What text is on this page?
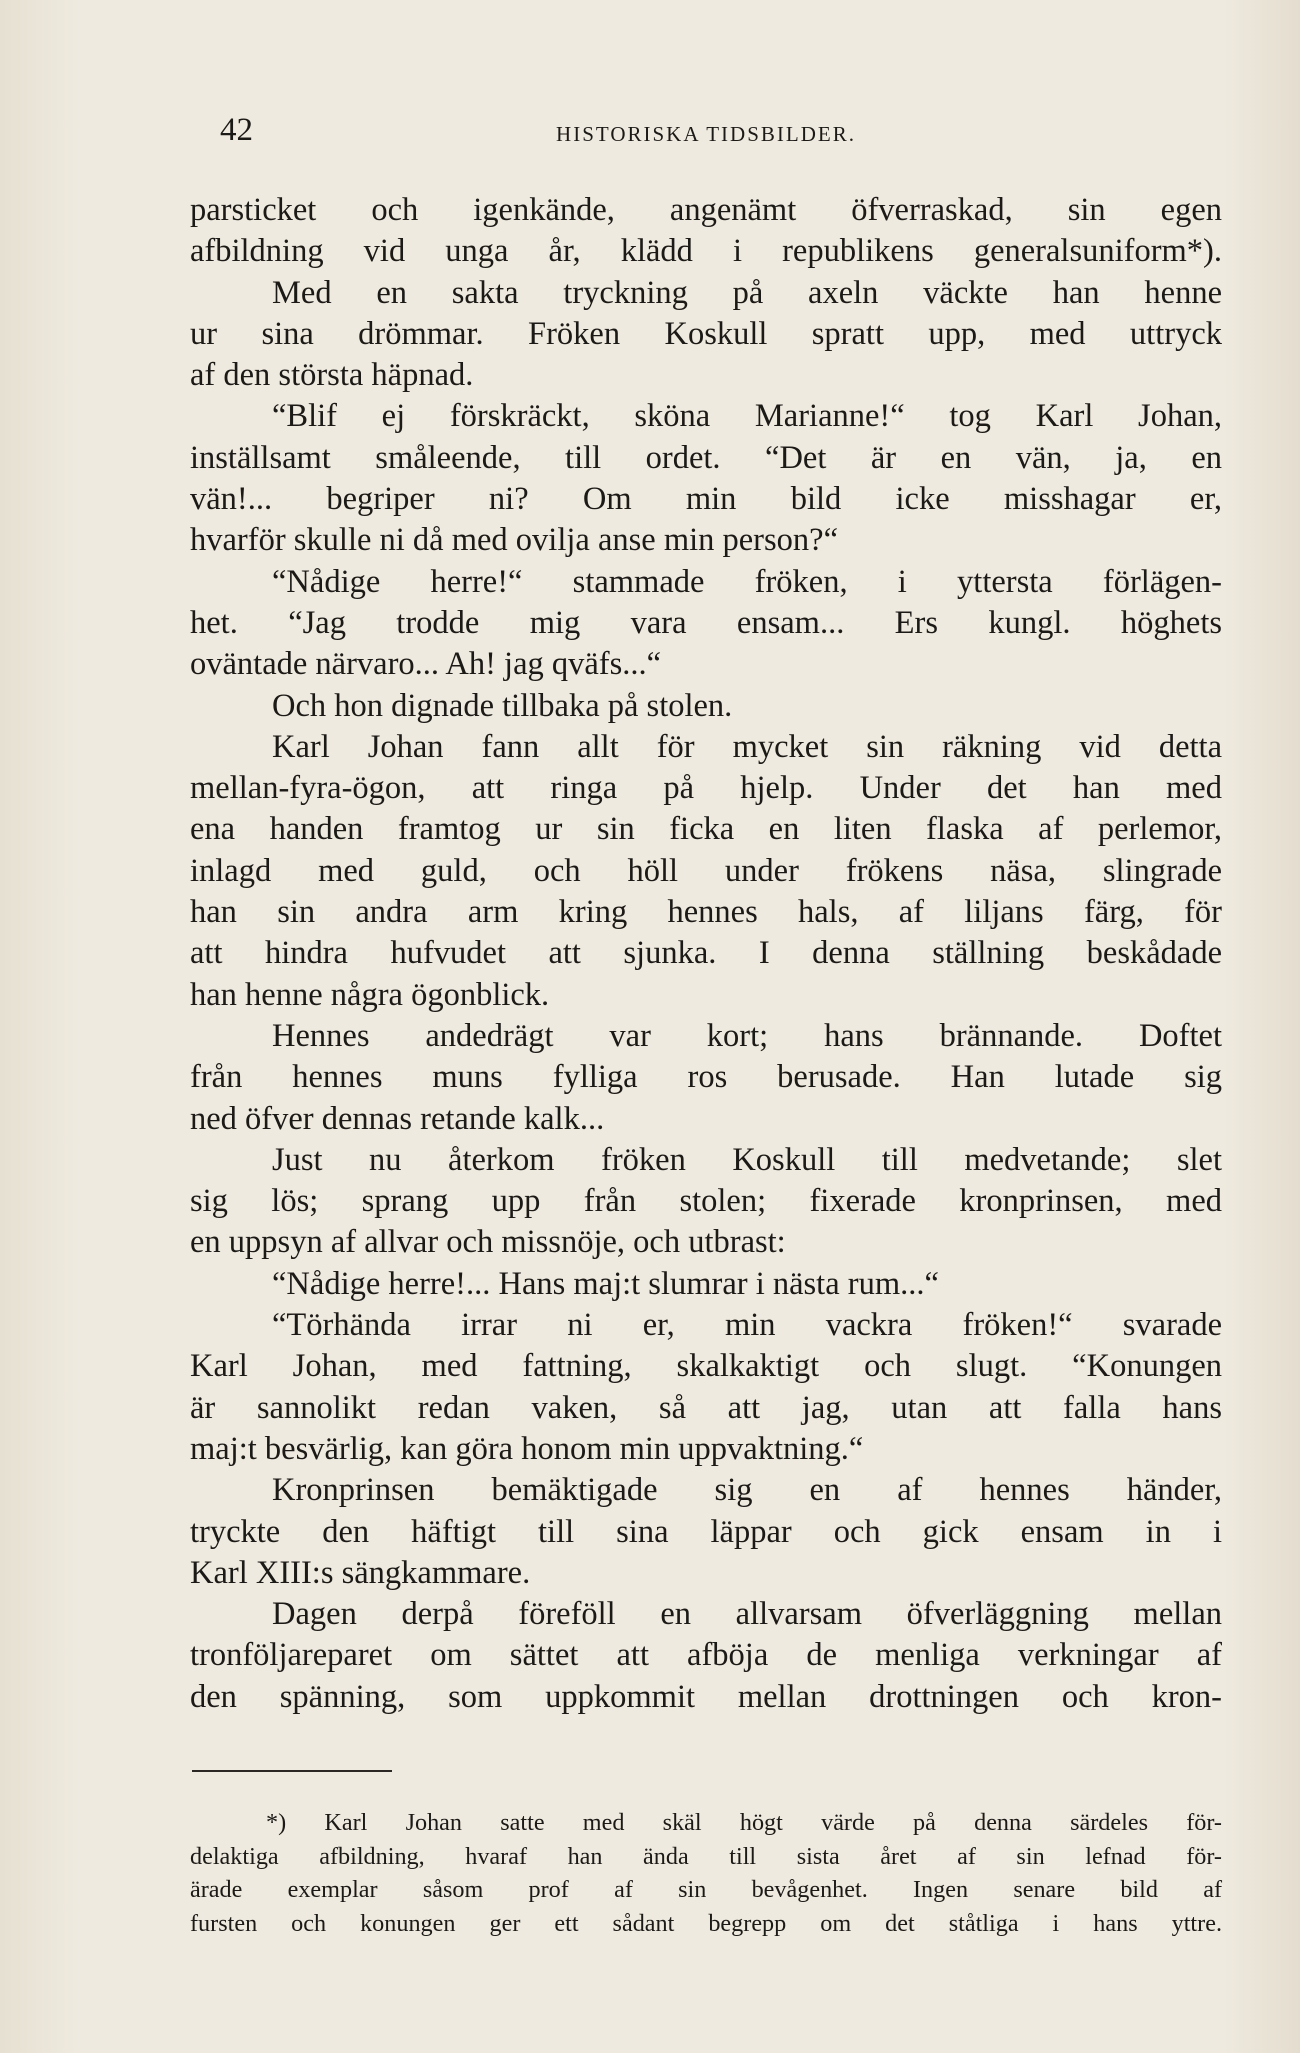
42	HISTORISKA TIDSBILDER.
parsticket och igenkände, angenämt öfverraskad, sin egen
afbildning vid unga år, klädd i republikens generalsuniform*).
Med en sakta tryckning på axeln väckte han henne
ur sina drömmar. Fröken Koskull spratt upp, med uttryck
af den största häpnad.
“Blif ej förskräckt, sköna Marianne!“ tog Karl Johan,
inställsamt småleende, till ordet. “Det är en vän, ja, en
vän!... begriper ni? Om min bild icke misshagar er,
hvarför skulle ni då med ovilja anse min person?“
“Nådige herre!“ stammade fröken, i yttersta förlägen-
het. “Jag trodde mig vara ensam... Ers kungl. höghets
oväntade närvaro... Ah! jag qväfs...“
Och hon dignade tillbaka på stolen.
Karl Johan fann allt för mycket sin räkning vid detta
mellan-fyra-ögon, att ringa på hjelp. Under det han med
ena handen framtog ur sin ficka en liten flaska af perlemor,
inlagd med guld, och höll under frökens näsa, slingrade
han sin andra arm kring hennes hals, af liljans färg, för
att hindra hufvudet att sjunka. I denna ställning beskådade
han henne några ögonblick.
Hennes andedrägt var kort; hans brännande. Doftet
från hennes muns fylliga ros berusade. Han lutade sig
ned öfver dennas retande kalk...
Just nu återkom fröken Koskull till medvetande; slet
sig lös; sprang upp från stolen; fixerade kronprinsen, med
en uppsyn af allvar och missnöje, och utbrast:
“Nådige herre!... Hans maj:t slumrar i nästa rum...“
“Törhända irrar ni er, min vackra fröken!“ svarade
Karl Johan, med fattning, skalkaktigt och slugt. “Konungen
är sannolikt redan vaken, så att jag, utan att falla hans
maj:t besvärlig, kan göra honom min uppvaktning.“
Kronprinsen bemäktigade sig en af hennes händer,
tryckte den häftigt till sina läppar och gick ensam in i
Karl XIII:s sängkammare.
Dagen derpå föreföll en allvarsam öfverläggning mellan
tronföljareparet om sättet att afböja de menliga verkningar af
den spänning, som uppkommit mellan drottningen och kron-
*) Karl Johan satte med skäl högt värde på denna särdeles för-
delaktiga afbildning, hvaraf han ända till sista året af sin lefnad för-
ärade exemplar såsom prof af sin bevågenhet. Ingen senare bild af
fursten och konungen ger ett sådant begrepp om det ståtliga i hans yttre.
